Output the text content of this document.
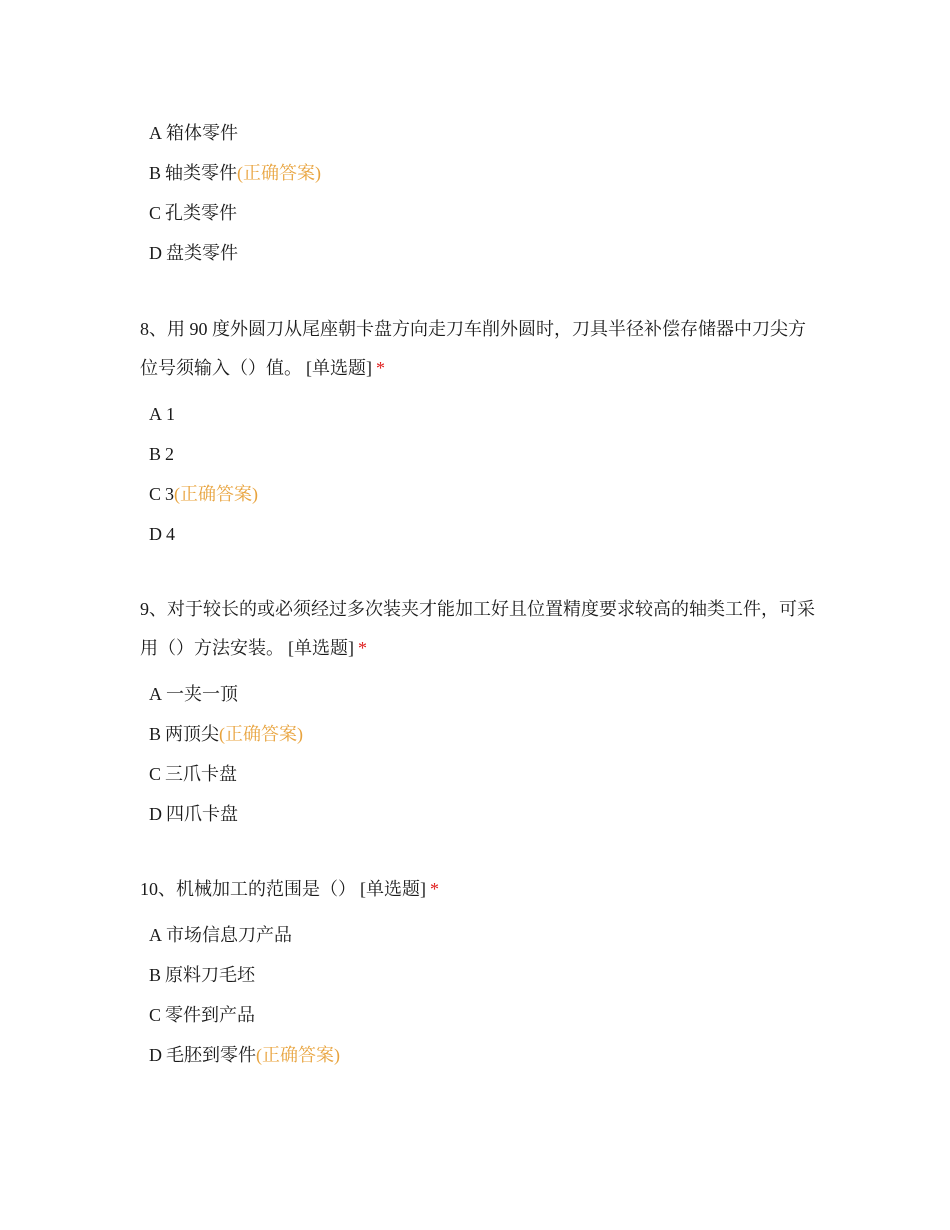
A 箱体零件
B 轴类零件(正确答案)
C 孔类零件
D 盘类零件

8、用 90 度外圆刀从尾座朝卡盘方向走刀车削外圆时，刀具半径补偿存储器中刀尖方位号须输入（）值。 [单选题] *

A 1
B 2
C 3(正确答案)
D 4

9、对于较长的或必须经过多次装夹才能加工好且位置精度要求较高的轴类工件，可采用（）方法安装。 [单选题] *

A 一夹一顶
B 两顶尖(正确答案)
C 三爪卡盘
D 四爪卡盘

10、机械加工的范围是（） [单选题] *

A 市场信息刀产品
B 原料刀毛坯
C 零件到产品
D 毛胚到零件(正确答案)
